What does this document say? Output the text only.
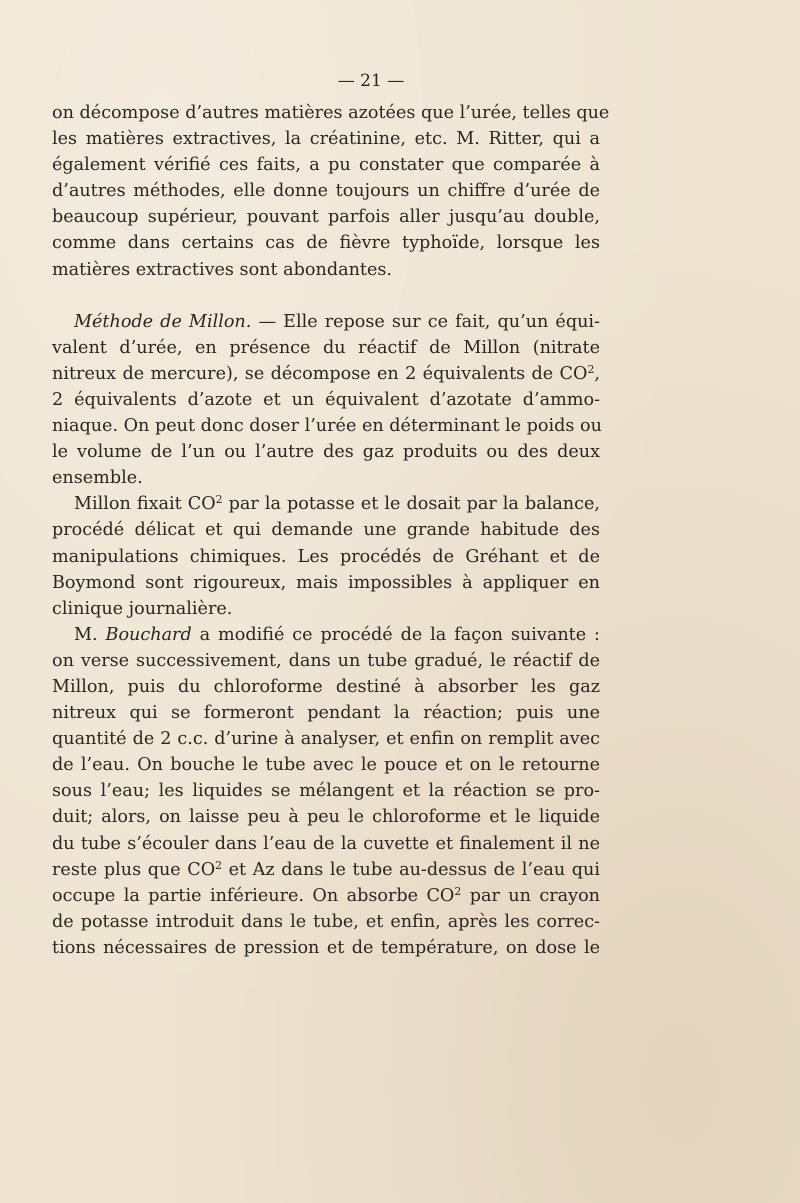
— 21 —
on décompose d’autres matières azotées que l’urée, telles que
les matières extractives, la créatinine, etc. M. Ritter, qui a
également vérifié ces faits, a pu constater que comparée à
d’autres méthodes, elle donne toujours un chiffre d’urée de
beaucoup supérieur, pouvant parfois aller jusqu’au double,
comme dans certains cas de fièvre typhoïde, lorsque les
matières extractives sont abondantes.
Méthode de Millon. — Elle repose sur ce fait, qu’un équi-
valent d’urée, en présence du réactif de Millon (nitrate
nitreux de mercure), se décompose en 2 équivalents de $CO^2$,
2 équivalents d’azote et un équivalent d’azotate d’ammo-
niaque. On peut donc doser l’urée en déterminant le poids ou
le volume de l’un ou l’autre des gaz produits ou des deux
ensemble.
Millon fixait $CO^2$ par la potasse et le dosait par la balance,
procédé délicat et qui demande une grande habitude des
manipulations chimiques. Les procédés de Gréhant et de
Boymond sont rigoureux, mais impossibles à appliquer en
clinique journalière.
M. Bouchard a modifié ce procédé de la façon suivante :
on verse successivement, dans un tube gradué, le réactif de
Millon, puis du chloroforme destiné à absorber les gaz
nitreux qui se formeront pendant la réaction; puis une
quantité de 2 c.c. d’urine à analyser, et enfin on remplit avec
de l’eau. On bouche le tube avec le pouce et on le retourne
sous l’eau; les liquides se mélangent et la réaction se pro-
duit; alors, on laisse peu à peu le chloroforme et le liquide
du tube s’écouler dans l’eau de la cuvette et finalement il ne
reste plus que $CO^2$ et Az dans le tube au-dessus de l’eau qui
occupe la partie inférieure. On absorbe $CO^2$ par un crayon
de potasse introduit dans le tube, et enfin, après les correc-
tions nécessaires de pression et de température, on dose le
